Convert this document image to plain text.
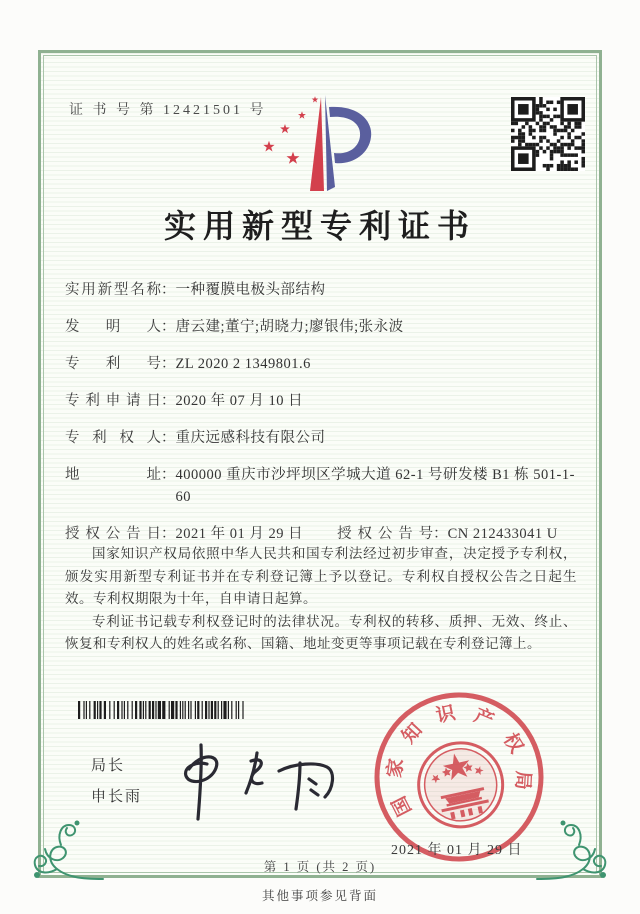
证 书 号 第 12421501 号
实用新型专利证书
实用新型名称 ： 一种覆膜电极头部结构
发明人 ： 唐云建;董宁;胡晓力;廖银伟;张永波
专利号 ： ZL 2020 2 1349801.6
专利申请日 ： 2020 年 07 月 10 日
专利权人 ： 重庆远感科技有限公司
地址 ： 400000 重庆市沙坪坝区学城大道 62-1 号研发楼 B1 栋 501-1-60
授权公告日 ： 2021 年 01 月 29 日 授权公告号 ： CN 212433041 U

国家知识产权局依照中华人民共和国专利法经过初步审查，决定授予专利权，颁发实用新型专利证书并在专利登记簿上予以登记。专利权自授权公告之日起生效。专利权期限为十年，自申请日起算。

专利证书记载专利权登记时的法律状况。专利权的转移、质押、无效、终止、恢复和专利权人的姓名或名称、国籍、地址变更等事项记载在专利登记簿上。

局长
申长雨	国
家
知
识 产
权
局
2021 年 01 月 29 日
第 1 页 (共 2 页)
其他事项参见背面
